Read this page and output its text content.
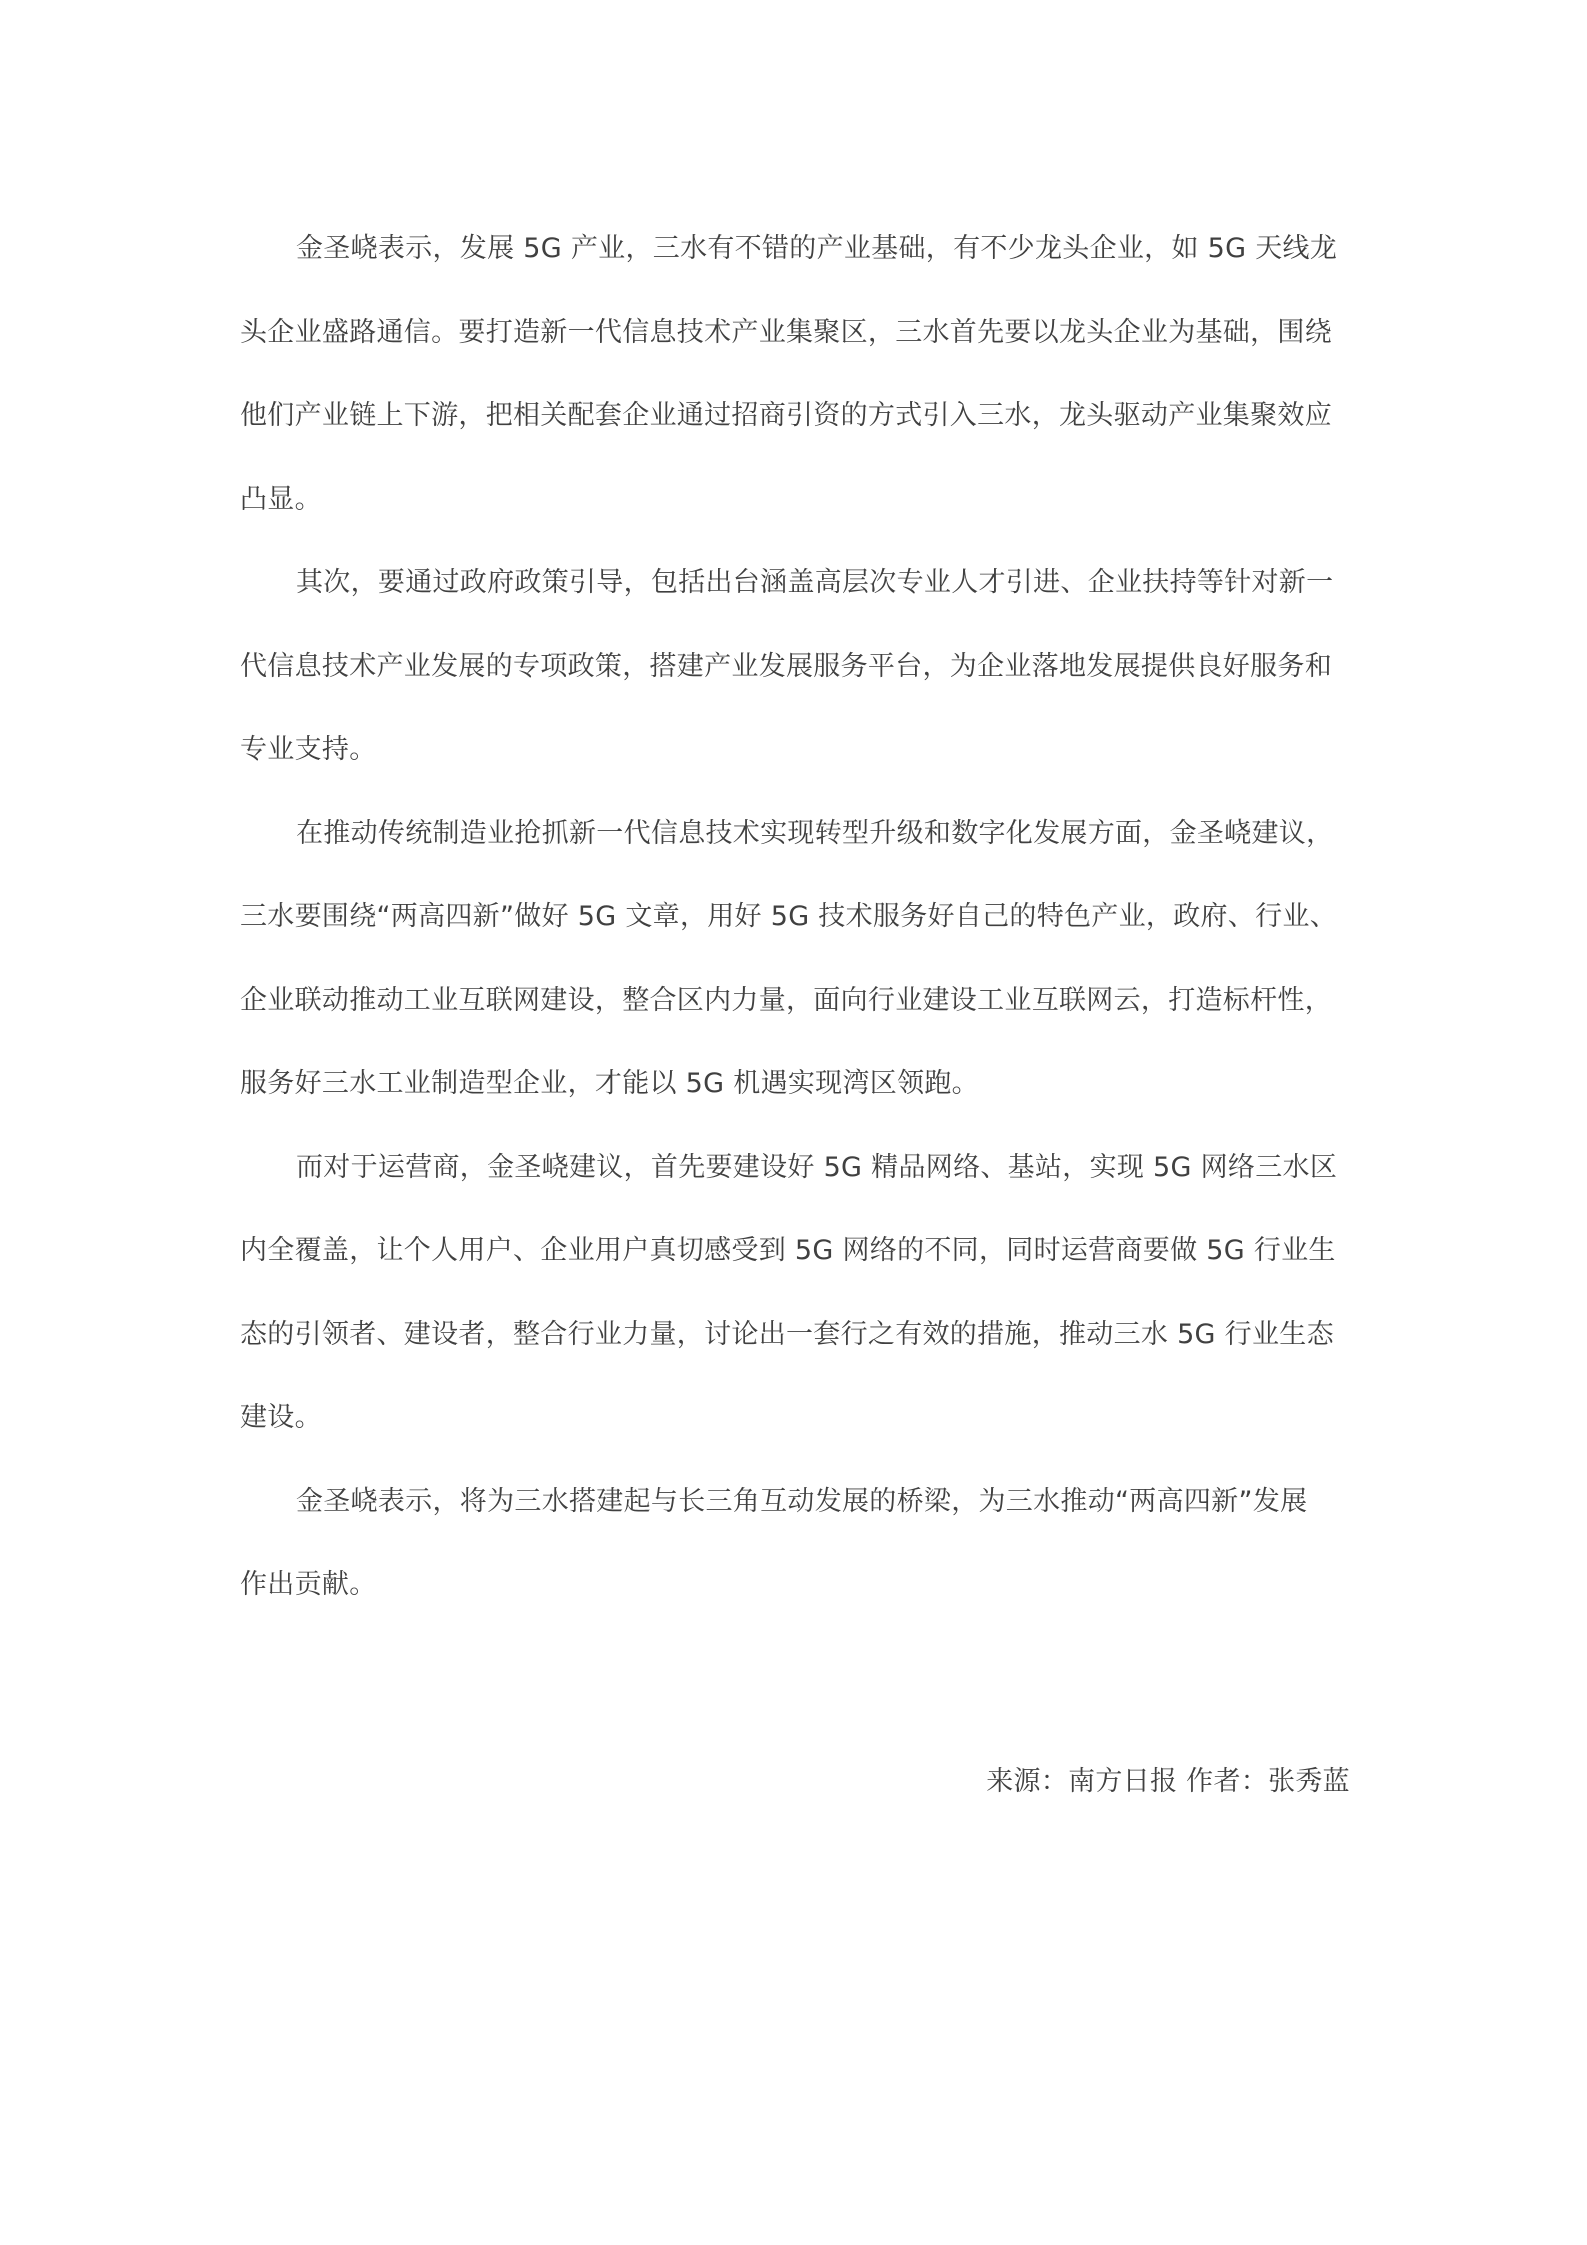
金圣峣表示，发展 5G 产业，三水有不错的产业基础，有不少龙头企业，如 5G 天线龙
头企业盛路通信。要打造新一代信息技术产业集聚区，三水首先要以龙头企业为基础，围绕
他们产业链上下游，把相关配套企业通过招商引资的方式引入三水，龙头驱动产业集聚效应
凸显。
其次，要通过政府政策引导，包括出台涵盖高层次专业人才引进、企业扶持等针对新一
代信息技术产业发展的专项政策，搭建产业发展服务平台，为企业落地发展提供良好服务和
专业支持。
在推动传统制造业抢抓新一代信息技术实现转型升级和数字化发展方面，金圣峣建议，
三水要围绕“两高四新”做好 5G 文章，用好 5G 技术服务好自己的特色产业，政府、行业、
企业联动推动工业互联网建设，整合区内力量，面向行业建设工业互联网云，打造标杆性，
服务好三水工业制造型企业，才能以 5G 机遇实现湾区领跑。
而对于运营商，金圣峣建议，首先要建设好 5G 精品网络、基站，实现 5G 网络三水区
内全覆盖，让个人用户、企业用户真切感受到 5G 网络的不同，同时运营商要做 5G 行业生
态的引领者、建设者，整合行业力量，讨论出一套行之有效的措施，推动三水 5G 行业生态
建设。
金圣峣表示，将为三水搭建起与长三角互动发展的桥梁，为三水推动“两高四新”发展
作出贡献。
来源：南方日报 作者：张秀蓝
